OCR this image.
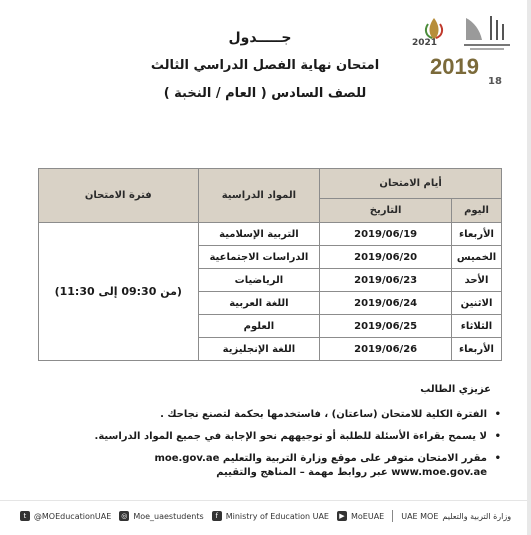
2021
2019
18
جـــــدول
امتحان نهاية الفصل الدراسي الثالث
للصف السادس ( العام / النخبة )
فترة الامتحان	المواد الدراسية	أيام الامتحان	
		التاريخ	اليوم
(من 09:30 إلى 11:30)	التربية الإسلامية	2019/06/19	الأربعاء
	الدراسات الاجتماعية	2019/06/20	الخميس
	الرياضيات	2019/06/23	الأحد
	اللغة العربية	2019/06/24	الاثنين
	العلوم	2019/06/25	الثلاثاء
	اللغة الإنجليزية	2019/06/26	الأربعاء
عزيزي الطالب
• الفترة الكلية للامتحان (ساعتان) ، فاستخدمها بحكمة لتصنع نجاحك .
• لا يسمح بقراءة الأسئلة للطلبة أو توجيههم نحو الإجابة في جميع المواد الدراسية.
• مقرر الامتحان متوفر على موقع وزارة التربية والتعليم moe.gov.ae www.moe.gov.ae عبر روابط مهمة – المناهج والتقييم
t @MOEducationUAE ◎ Moe_uaestudents	f Ministry of Education UAE	▶ MoEUAE UAE MOE وزارة التربية والتعليم
